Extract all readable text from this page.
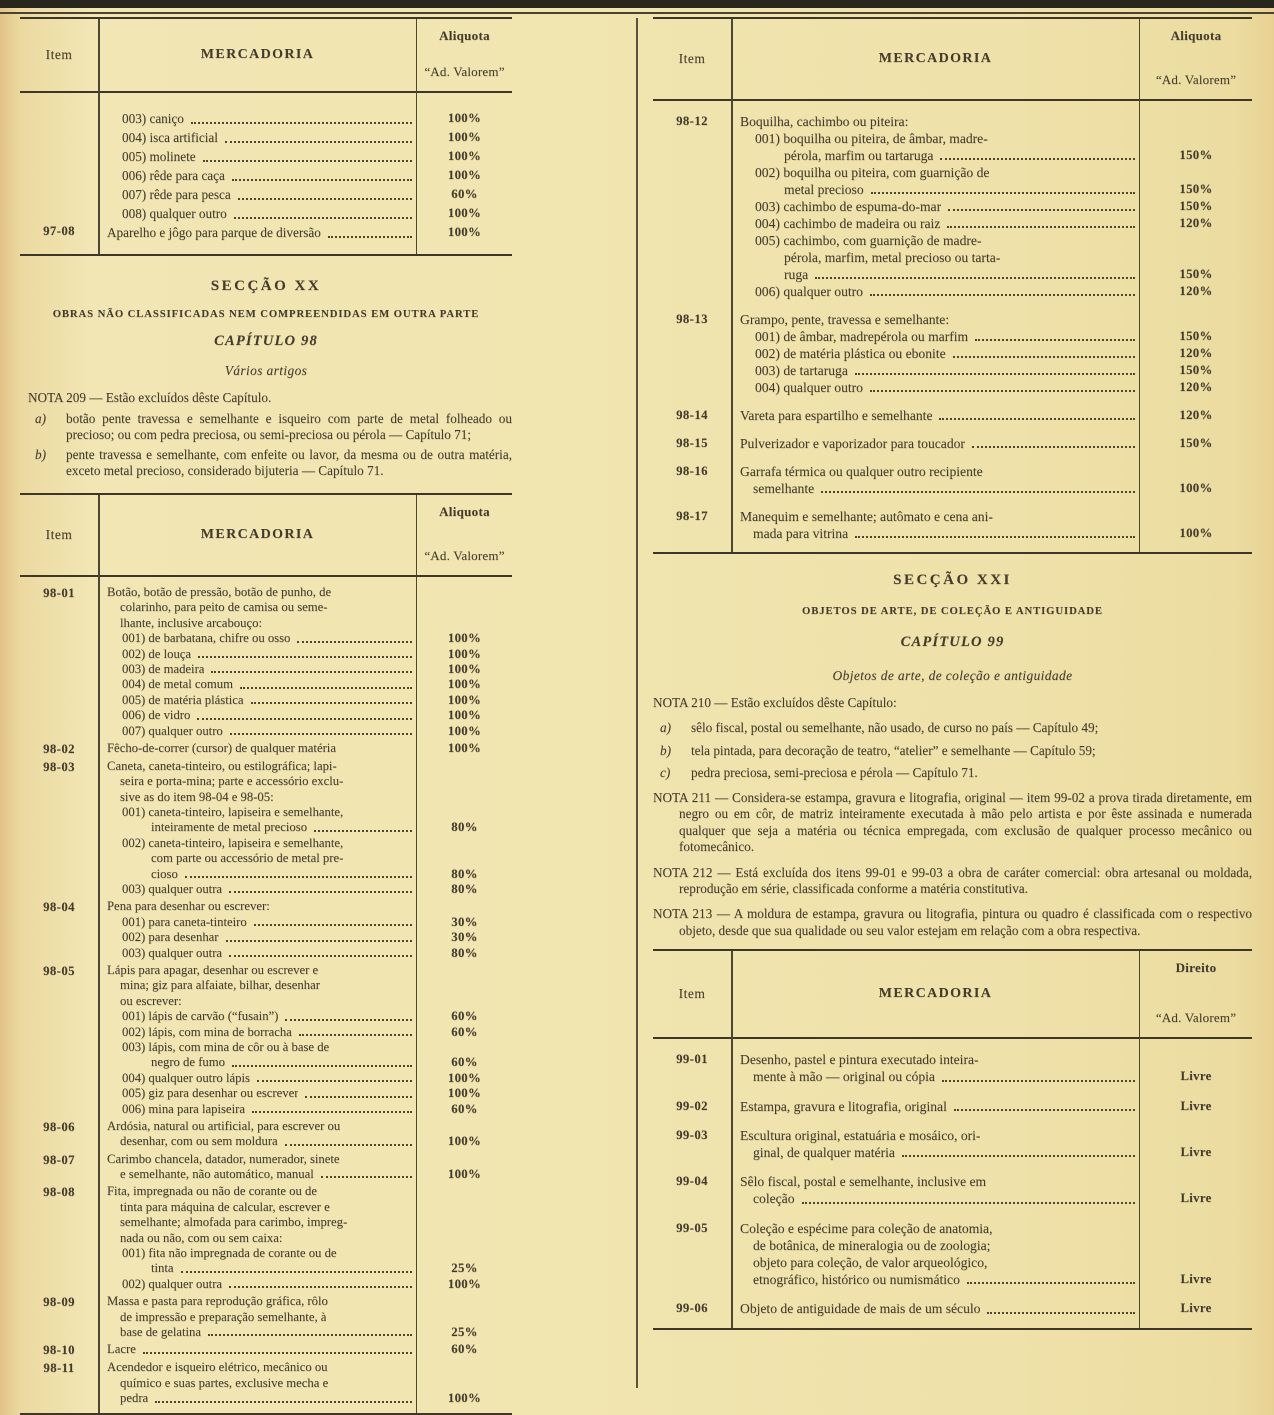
Item	MERCADORIA
Aliquota
“Ad. Valorem”
003) caniço	100%
004) isca artificial	100%
005) molinete	100%
006) rêde para caça	100%
007) rêde para pesca	60%
008) qualquer outro	100%
97-08	Aparelho e jôgo para parque de diversão	100%
SECÇÃO XX
OBRAS NÃO CLASSIFICADAS NEM COMPREENDIDAS EM OUTRA PARTE
CAPÍTULO 98
Vários artigos
NOTA 209 — Estão excluídos dêste Capítulo.
a)	botão pente travessa e semelhante e isqueiro com parte de metal folheado ou precioso; ou com pedra preciosa, ou semi-preciosa ou pérola — Capítulo 71;
b)	pente travessa e semelhante, com enfeite ou lavor, da mesma ou de outra matéria, exceto metal precioso, considerado bijuteria — Capítulo 71.
Item	MERCADORIA
Aliquota
“Ad. Valorem”
98-01	Botão, botão de pressão, botão de punho, de
colarinho, para peito de camisa ou seme-
lhante, inclusive arcabouço:
001) de barbatana, chifre ou osso	100%
002) de louça	100%
003) de madeira	100%
004) de metal comum	100%
005) de matéria plástica	100%
006) de vidro	100%
007) qualquer outro	100%
98-02	Fêcho-de-correr (cursor) de qualquer matéria	100%
98-03	Caneta, caneta-tinteiro, ou estilográfica; lapi-
seira e porta-mina; parte e accessório exclu-
sive as do item 98-04 e 98-05:
001) caneta-tinteiro, lapiseira e semelhante,
inteiramente de metal precioso	80%
002) caneta-tinteiro, lapiseira e semelhante,
com parte ou accessório de metal pre-
cioso	80%
003) qualquer outra	80%
98-04	Pena para desenhar ou escrever:
001) para caneta-tinteiro	30%
002) para desenhar	30%
003) qualquer outra	80%
98-05	Lápis para apagar, desenhar ou escrever e
mina; giz para alfaiate, bilhar, desenhar
ou escrever:
001) lápis de carvão (“fusain”)	60%
002) lápis, com mina de borracha	60%
003) lápis, com mina de côr ou à base de
negro de fumo	60%
004) qualquer outro lápis	100%
005) giz para desenhar ou escrever	100%
006) mina para lapiseira	60%
98-06	Ardósia, natural ou artificial, para escrever ou
desenhar, com ou sem moldura	100%
98-07	Carimbo chancela, datador, numerador, sinete
e semelhante, não automático, manual	100%
98-08	Fita, impregnada ou não de corante ou de
tinta para máquina de calcular, escrever e
semelhante; almofada para carimbo, impreg-
nada ou não, com ou sem caixa:
001) fita não impregnada de corante ou de
tinta	25%
002) qualquer outra	100%
98-09	Massa e pasta para reprodução gráfica, rôlo
de impressão e preparação semelhante, à
base de gelatina	25%
98-10	Lacre	60%
98-11	Acendedor e isqueiro elétrico, mecânico ou
químico e suas partes, exclusive mecha e
pedra	100%
Item	MERCADORIA
Aliquota
“Ad. Valorem”
98-12	Boquilha, cachimbo ou piteira:
001) boquilha ou piteira, de âmbar, madre-
pérola, marfim ou tartaruga	150%
002) boquilha ou piteira, com guarnição de
metal precioso	150%
003) cachimbo de espuma-do-mar	150%
004) cachimbo de madeira ou raiz	120%
005) cachimbo, com guarnição de madre-
pérola, marfim, metal precioso ou tarta-
ruga	150%
006) qualquer outro	120%
98-13	Grampo, pente, travessa e semelhante:
001) de âmbar, madrepérola ou marfim	150%
002) de matéria plástica ou ebonite	120%
003) de tartaruga	150%
004) qualquer outro	120%
98-14	Vareta para espartilho e semelhante	120%
98-15	Pulverizador e vaporizador para toucador	150%
98-16	Garrafa térmica ou qualquer outro recipiente
semelhante	100%
98-17	Manequim e semelhante; autômato e cena ani-
mada para vitrina	100%
SECÇÃO XXI
OBJETOS DE ARTE, DE COLEÇÃO E ANTIGUIDADE
CAPÍTULO 99
Objetos de arte, de coleção e antiguidade
NOTA 210 — Estão excluídos dêste Capítulo:
a)	sêlo fiscal, postal ou semelhante, não usado, de curso no país — Capítulo 49;
b)	tela pintada, para decoração de teatro, “atelier” e semelhante — Capítulo 59;
c)	pedra preciosa, semi-preciosa e pérola — Capítulo 71.
NOTA 211 — Considera-se estampa, gravura e litografia, original — item 99-02 a prova tirada diretamente, em negro ou em côr, de matriz inteiramente executada à mão pelo artista e por êste assinada e numerada qualquer que seja a matéria ou técnica empregada, com exclusão de qualquer processo mecânico ou fotomecânico.
NOTA 212 — Está excluída dos itens 99-01 e 99-03 a obra de caráter comercial: obra artesanal ou moldada, reprodução em série, classificada conforme a matéria constitutiva.
NOTA 213 — A moldura de estampa, gravura ou litografia, pintura ou quadro é classificada com o respectivo objeto, desde que sua qualidade ou seu valor estejam em relação com a obra respectiva.
Item	MERCADORIA
Direito
“Ad. Valorem”
99-01	Desenho, pastel e pintura executado inteira-
mente à mão — original ou cópia	Livre
99-02	Estampa, gravura e litografia, original	Livre
99-03	Escultura original, estatuária e mosáico, ori-
ginal, de qualquer matéria	Livre
99-04	Sêlo fiscal, postal e semelhante, inclusive em
coleção	Livre
99-05	Coleção e espécime para coleção de anatomia,
de botânica, de mineralogia ou de zoologia;
objeto para coleção, de valor arqueológico,
etnográfico, histórico ou numismático	Livre
99-06	Objeto de antiguidade de mais de um século	Livre
